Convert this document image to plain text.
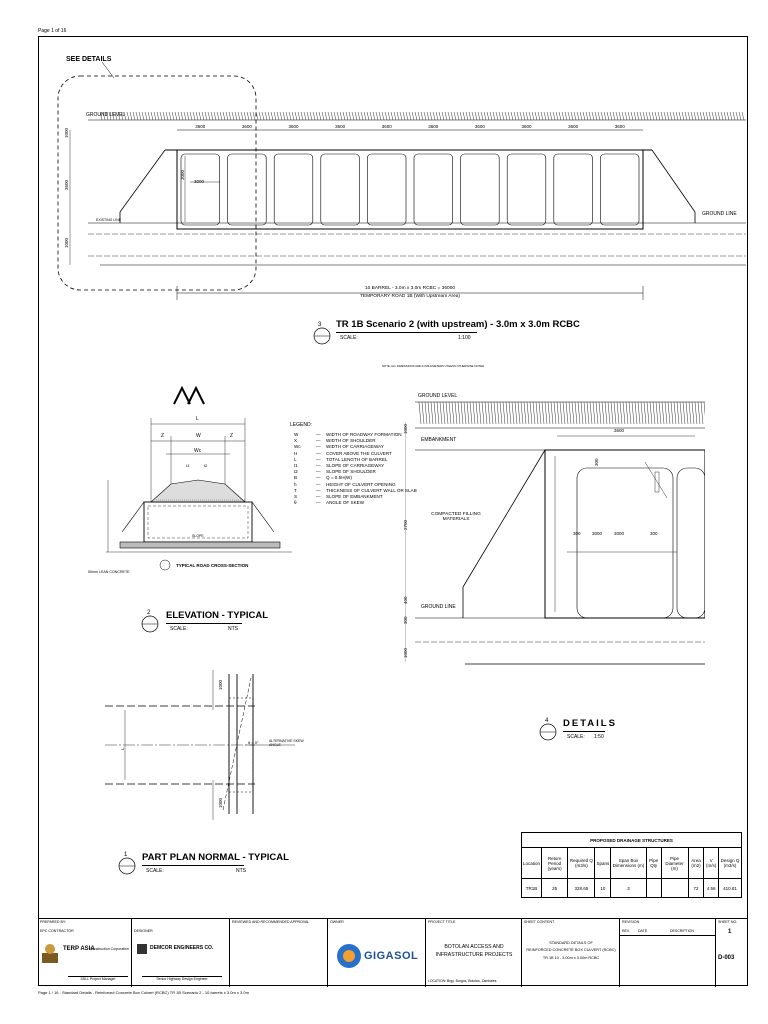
Page 1 of 16
SEE DETAILS
3600	3600	3600	3600	3600	3600	3600	3600	3600	3600
GROUND LEVEL
GROUND LINE
EXISTING LINE
3000
3000
3600
1000
1000
10 BARREL - 3.0m x 3.0m RCBC = 36000
TEMPORARY ROAD 1B (With Upstream Area)
3 TR 1B Scenario 2 (with upstream) - 3.0m x 3.0m RCBC
SCALE:	1:100
NOTE: ALL DIMENSIONS ARE IN MILLIMETERS UNLESS OTHERWISE NOTED
L
Z	W	Z
Wc
t1	t2
SLOPE
50mm LEAN CONCRETE
TYPICAL ROAD CROSS-SECTION
2 ELEVATION - TYPICAL
SCALE:	NTS
LEGEND:
W	— WIDTH OF ROADWAY FORMATION
X	— WIDTH OF SHOULDER
Wc	— WIDTH OF CARRIAGEWAY
H	— COVER ABOVE THE CULVERT
L	— TOTAL LENGTH OF BARREL
t1	— SLOPE OF CARRIAGEWAY
t2	— SLOPE OF SHOULDER
B	— Q = 0.5H(W)
h	— HEIGHT OF CULVERT OPENING
T	— THICKNESS OF CULVERT WALL OR SLAB
S	— SLOPE OF EMBANKMENT
θ	— ANGLE OF SKEW
GROUND LEVEL
EMBANKMENT
COMPACTED FILLING MATERIALS
GROUND LINE
3600
3000
300	3000	300
2700
400
300
1000
300
1000
4 DETAILS
SCALE: 1:50
ALTERNATIVE SKEW ANGLE
θ = 0°
1000
1000
L
1 PART PLAN NORMAL - TYPICAL
SCALE:	NTS
PROPOSED DRAINAGE STRUCTURES									
Location	Return Period (years)	Required Q (m3/s)	Spans	Span Box Dimensions (m)	Pipe Qty	Pipe Diameter (m)	Area (m2)	V (m/s)	Design Q (m3/s)
TR1B	25	328.65	10	3			72	4.56	410.81
PREPARED BY:
EPC CONTRACTOR
TERP ASIA
Construction Corporation
SSLL Project Manager
DESIGNER
DEMCOR ENGINEERS CO.
Senior Highway Design Engineer
REVIEWED AND RECOMMENDED APPROVAL	OWNER
GIGASOL
PROJECT TITLE
BOTOLAN ACCESS AND INFRASTRUCTURE PROJECTS
LOCATION: Brgy. Burgos, Botolan, Zambales
SHEET CONTENT
STANDARD DETAILS OF
REINFORCED CONCRETE BOX CULVERT (RCBC)
TR 1B 10 - 3.00m x 3.00m RCBC
REVISION
REV. DATE	DESCRIPTION
SHEET NO.
1
D-003
Page 1 / 16 - Standard Details - Reinforced Concrete Box Culvert (RCBC) TR 1B Scenario 2 - 10 barrels x 3.0m x 3.0m
